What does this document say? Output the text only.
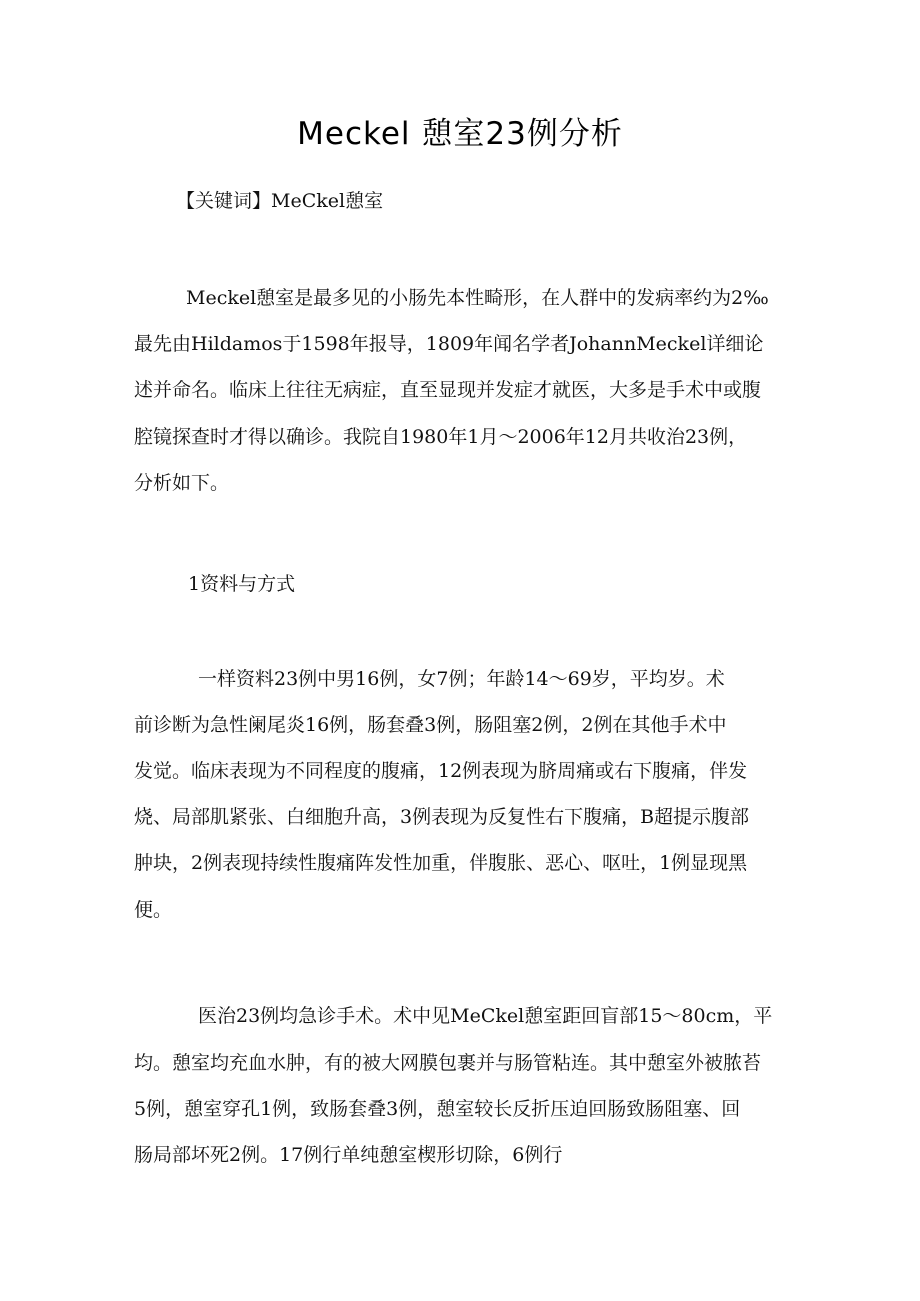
Meckel 憩室23例分析
【关键词】MeCkel憩室
Meckel憩室是最多见的小肠先本性畸形，在人群中的发病率约为2‰
最先由Hildamos于1598年报导，1809年闻名学者JohannMeckel详细论
述并命名。临床上往往无病症，直至显现并发症才就医，大多是手术中或腹
腔镜探查时才得以确诊。我院自1980年1月～2006年12月共收治23例，
分析如下。
1资料与方式
一样资料23例中男16例，女7例；年龄14～69岁，平均岁。术
前诊断为急性阑尾炎16例，肠套叠3例，肠阻塞2例，2例在其他手术中
发觉。临床表现为不同程度的腹痛，12例表现为脐周痛或右下腹痛，伴发
烧、局部肌紧张、白细胞升高，3例表现为反复性右下腹痛，B超提示腹部
肿块，2例表现持续性腹痛阵发性加重，伴腹胀、恶心、呕吐，1例显现黑
便。
医治23例均急诊手术。术中见MeCkel憩室距回盲部15～80cm，平
均。憩室均充血水肿，有的被大网膜包裹并与肠管粘连。其中憩室外被脓苔
5例，憩室穿孔1例，致肠套叠3例，憩室较长反折压迫回肠致肠阻塞、回
肠局部坏死2例。17例行单纯憩室楔形切除，6例行
